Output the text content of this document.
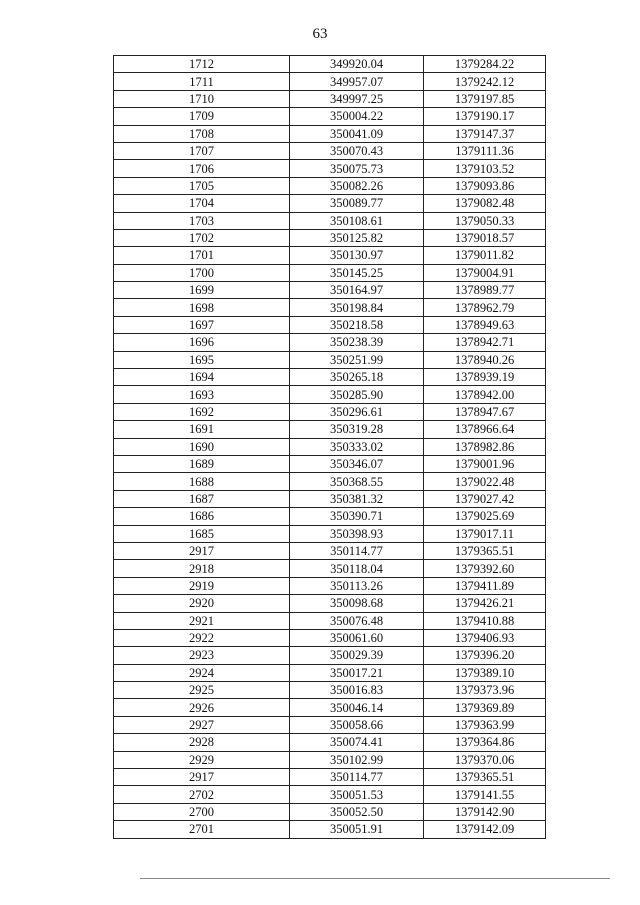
63
1712	349920.04	1379284.22
1711	349957.07	1379242.12
1710	349997.25	1379197.85
1709	350004.22	1379190.17
1708	350041.09	1379147.37
1707	350070.43	1379111.36
1706	350075.73	1379103.52
1705	350082.26	1379093.86
1704	350089.77	1379082.48
1703	350108.61	1379050.33
1702	350125.82	1379018.57
1701	350130.97	1379011.82
1700	350145.25	1379004.91
1699	350164.97	1378989.77
1698	350198.84	1378962.79
1697	350218.58	1378949.63
1696	350238.39	1378942.71
1695	350251.99	1378940.26
1694	350265.18	1378939.19
1693	350285.90	1378942.00
1692	350296.61	1378947.67
1691	350319.28	1378966.64
1690	350333.02	1378982.86
1689	350346.07	1379001.96
1688	350368.55	1379022.48
1687	350381.32	1379027.42
1686	350390.71	1379025.69
1685	350398.93	1379017.11
2917	350114.77	1379365.51
2918	350118.04	1379392.60
2919	350113.26	1379411.89
2920	350098.68	1379426.21
2921	350076.48	1379410.88
2922	350061.60	1379406.93
2923	350029.39	1379396.20
2924	350017.21	1379389.10
2925	350016.83	1379373.96
2926	350046.14	1379369.89
2927	350058.66	1379363.99
2928	350074.41	1379364.86
2929	350102.99	1379370.06
2917	350114.77	1379365.51
2702	350051.53	1379141.55
2700	350052.50	1379142.90
2701	350051.91	1379142.09
